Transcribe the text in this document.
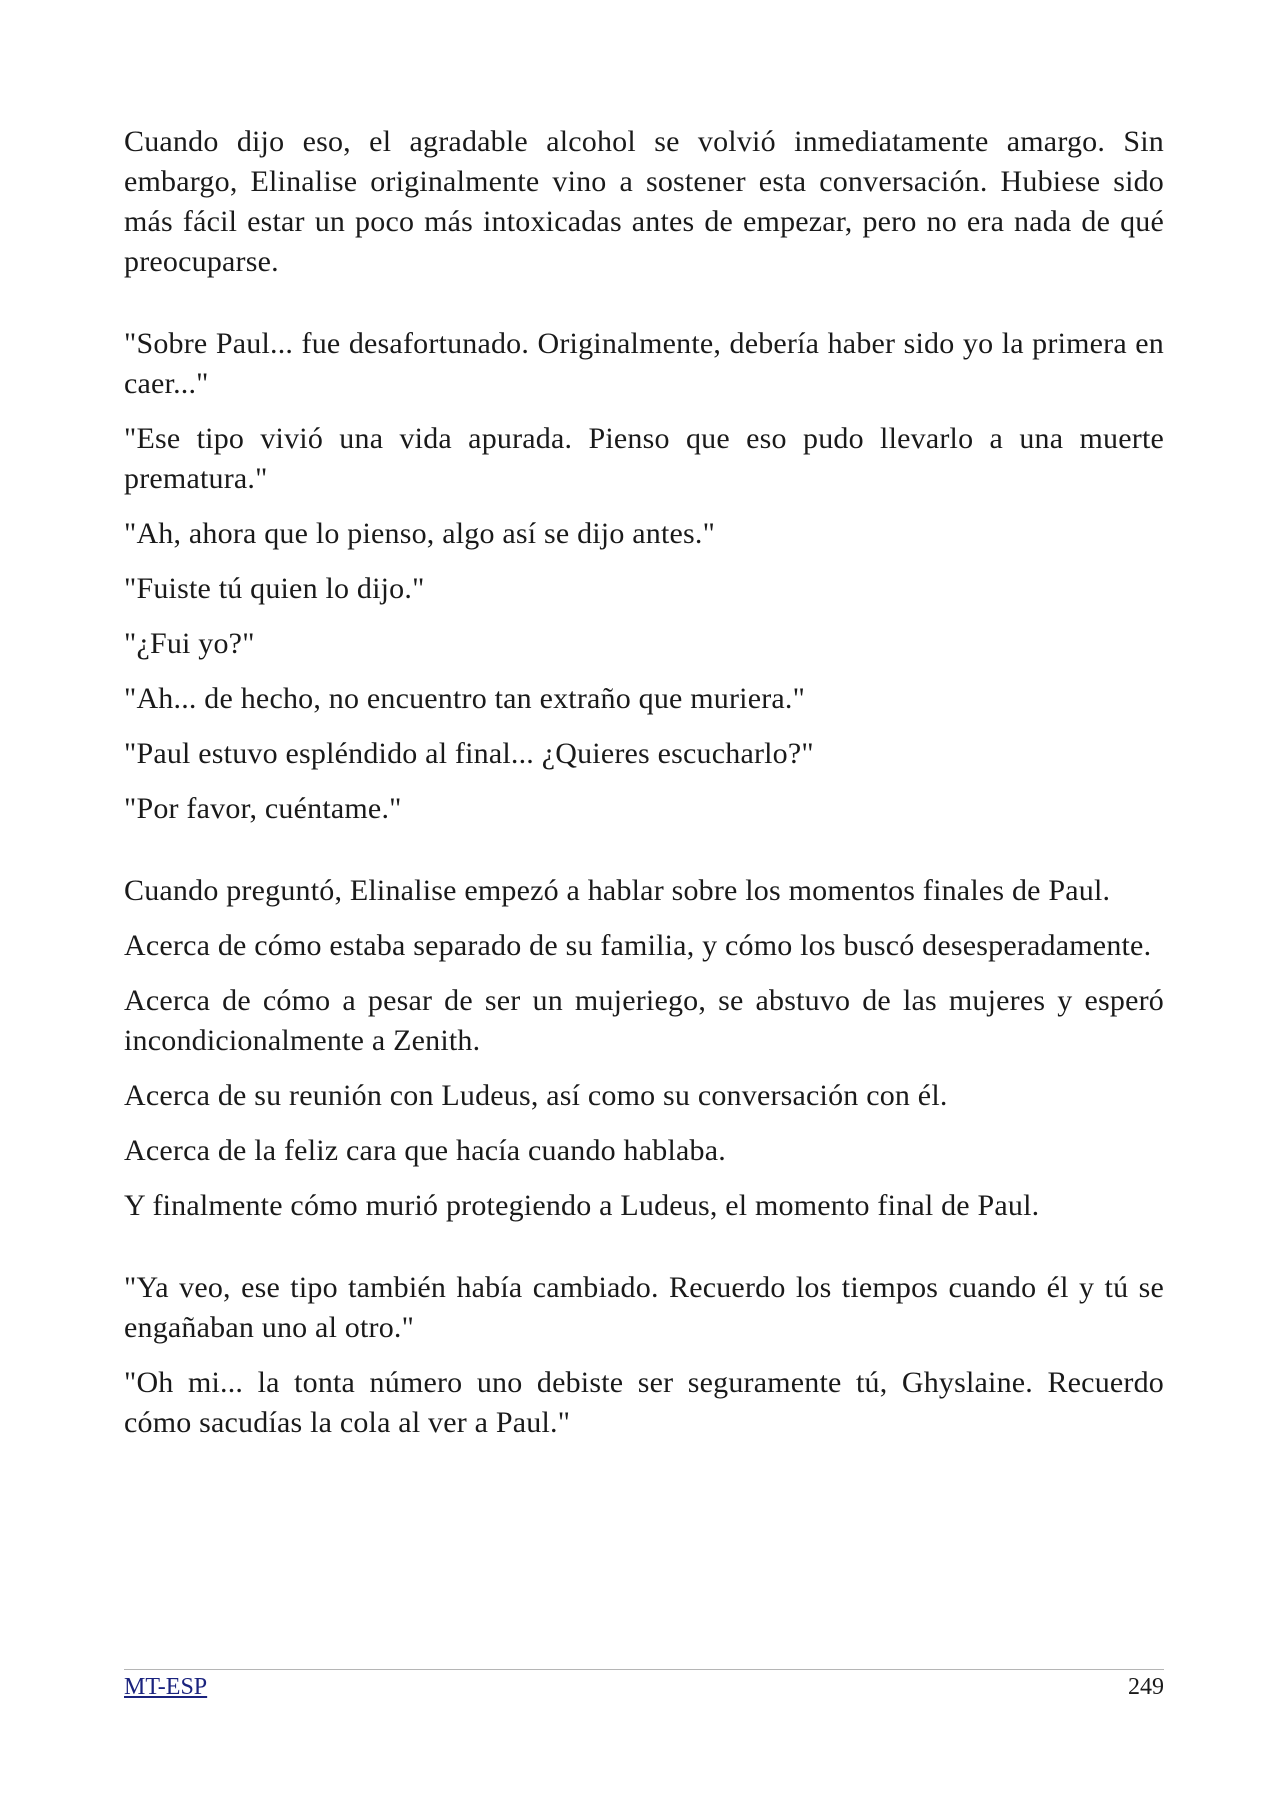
Cuando dijo eso, el agradable alcohol se volvió inmediatamente amargo. Sin embargo, Elinalise originalmente vino a sostener esta conversación. Hubiese sido más fácil estar un poco más intoxicadas antes de empezar, pero no era nada de qué preocuparse.

"Sobre Paul... fue desafortunado. Originalmente, debería haber sido yo la primera en caer..."

"Ese tipo vivió una vida apurada. Pienso que eso pudo llevarlo a una muerte prematura."

"Ah, ahora que lo pienso, algo así se dijo antes."

"Fuiste tú quien lo dijo."

"¿Fui yo?"

"Ah... de hecho, no encuentro tan extraño que muriera."

"Paul estuvo espléndido al final... ¿Quieres escucharlo?"

"Por favor, cuéntame."

Cuando preguntó, Elinalise empezó a hablar sobre los momentos finales de Paul.

Acerca de cómo estaba separado de su familia, y cómo los buscó desesperadamente.

Acerca de cómo a pesar de ser un mujeriego, se abstuvo de las mujeres y esperó incondicionalmente a Zenith.

Acerca de su reunión con Ludeus, así como su conversación con él.

Acerca de la feliz cara que hacía cuando hablaba.

Y finalmente cómo murió protegiendo a Ludeus, el momento final de Paul.

"Ya veo, ese tipo también había cambiado. Recuerdo los tiempos cuando él y tú se engañaban uno al otro."

"Oh mi... la tonta número uno debiste ser seguramente tú, Ghyslaine. Recuerdo cómo sacudías la cola al ver a Paul."

MT-ESP	249
